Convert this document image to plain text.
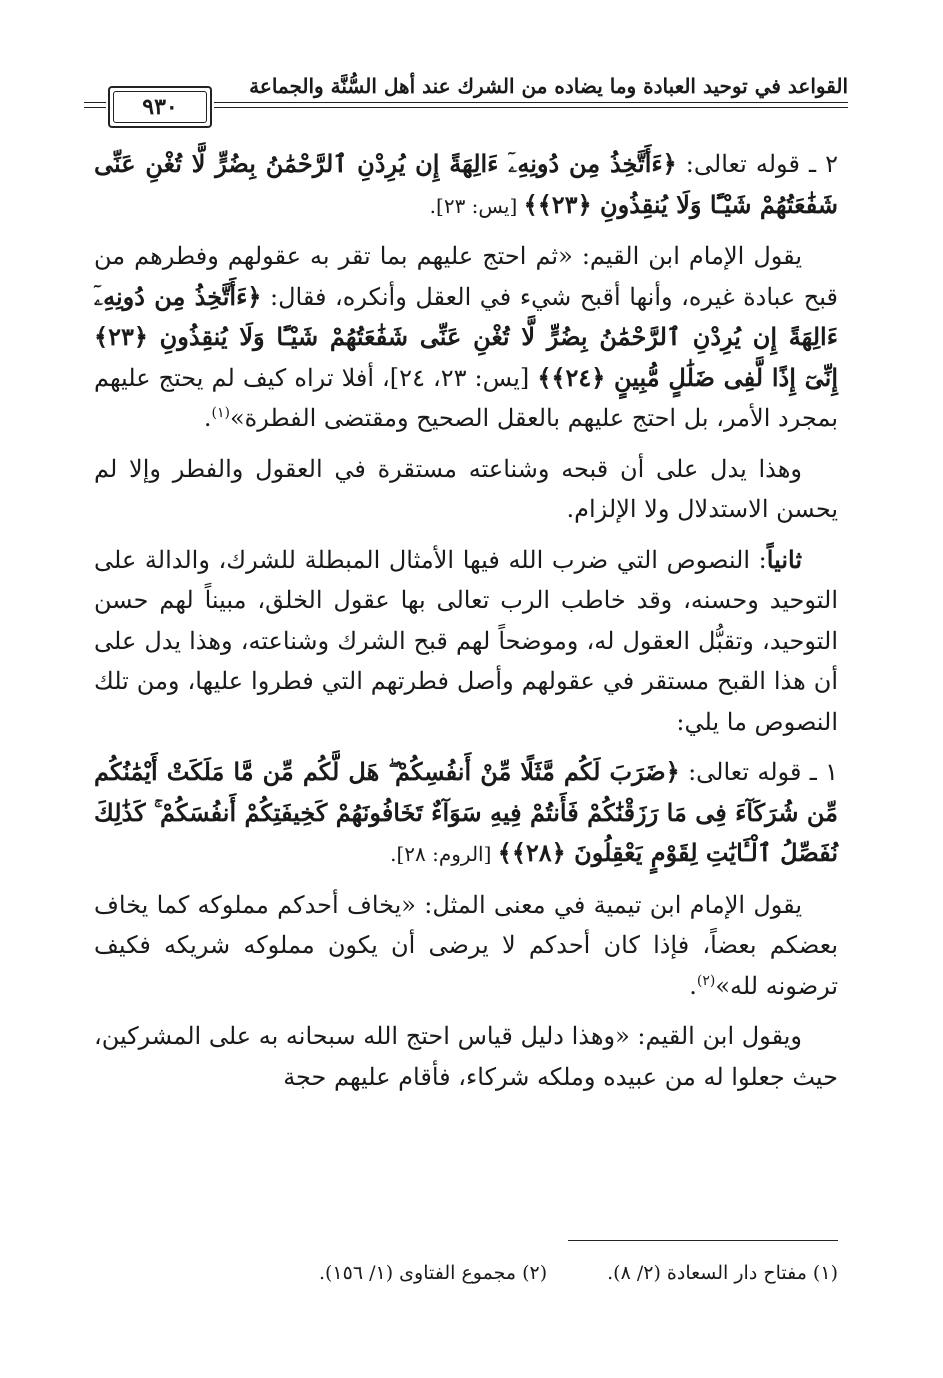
القواعد في توحيد العبادة وما يضاده من الشرك عند أهل السُّنَّة والجماعة
٩٣٠

٢ ـ قوله تعالى: ﴿ءَأَتَّخِذُ مِن دُونِهِۦٓ ءَالِهَةً إِن يُرِدْنِ ٱلرَّحْمَٰنُ بِضُرٍّ لَّا تُغْنِ عَنِّى شَفَٰعَتُهُمْ شَيْـًٔا وَلَا يُنقِذُونِ ﴿٢٣﴾﴾ [يس: ٢٣].

يقول الإمام ابن القيم: «ثم احتج عليهم بما تقر به عقولهم وفطرهم من قبح عبادة غيره، وأنها أقبح شيء في العقل وأنكره، فقال: ﴿ءَأَتَّخِذُ مِن دُونِهِۦٓ ءَالِهَةً إِن يُرِدْنِ ٱلرَّحْمَٰنُ بِضُرٍّ لَّا تُغْنِ عَنِّى شَفَٰعَتُهُمْ شَيْـًٔا وَلَا يُنقِذُونِ ﴿٢٣﴾ إِنِّىٓ إِذًا لَّفِى ضَلَٰلٍ مُّبِينٍ ﴿٢٤﴾﴾ [يس: ٢٣، ٢٤]، أفلا تراه كيف لم يحتج عليهم بمجرد الأمر، بل احتج عليهم بالعقل الصحيح ومقتضى الفطرة»$^{(١)}$.

وهذا يدل على أن قبحه وشناعته مستقرة في العقول والفطر وإلا لم يحسن الاستدلال ولا الإلزام.

ثانياً: النصوص التي ضرب الله فيها الأمثال المبطلة للشرك، والدالة على التوحيد وحسنه، وقد خاطب الرب تعالى بها عقول الخلق، مبيناً لهم حسن التوحيد، وتقبُّل العقول له، وموضحاً لهم قبح الشرك وشناعته، وهذا يدل على أن هذا القبح مستقر في عقولهم وأصل فطرتهم التي فطروا عليها، ومن تلك النصوص ما يلي:

١ ـ قوله تعالى: ﴿ضَرَبَ لَكُم مَّثَلًا مِّنْ أَنفُسِكُمْ ۖ هَل لَّكُم مِّن مَّا مَلَكَتْ أَيْمَٰنُكُم مِّن شُرَكَآءَ فِى مَا رَزَقْنَٰكُمْ فَأَنتُمْ فِيهِ سَوَآءٌ تَخَافُونَهُمْ كَخِيفَتِكُمْ أَنفُسَكُمْ ۚ كَذَٰلِكَ نُفَصِّلُ ٱلْـَٔايَٰتِ لِقَوْمٍ يَعْقِلُونَ ﴿٢٨﴾﴾ [الروم: ٢٨].

يقول الإمام ابن تيمية في معنى المثل: «يخاف أحدكم مملوكه كما يخاف بعضكم بعضاً، فإذا كان أحدكم لا يرضى أن يكون مملوكه شريكه فكيف ترضونه لله»$^{(٢)}$.

ويقول ابن القيم: «وهذا دليل قياس احتج الله سبحانه به على المشركين، حيث جعلوا له من عبيده وملكه شركاء، فأقام عليهم حجة

(١) مفتاح دار السعادة (٢/ ٨).
(٢) مجموع الفتاوى (١/ ١٥٦).
